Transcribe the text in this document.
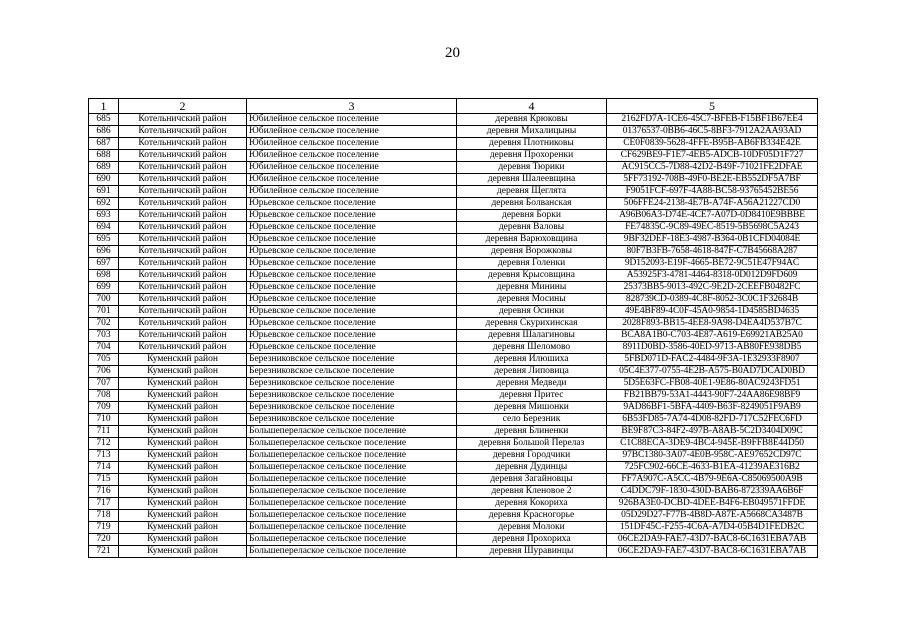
20
1	2	3	4	5
685	Котельничский район	Юбилейное сельское поселение	деревня Крюковы	2162FD7A-1CE6-45C7-BFEB-F15BF1B67EE4
686	Котельничский район	Юбилейное сельское поселение	деревня Михалицыны	01376537-0BB6-46C5-8BF3-7912A2AA93AD
687	Котельничский район	Юбилейное сельское поселение	деревня Плотниковы	CE0F0839-5628-4FFE-B95B-AB6FB334E42E
688	Котельничский район	Юбилейное сельское поселение	деревня Прохоренки	CF629BE9-F1E7-4EB5-ADCB-10DF05D1F727
689	Котельничский район	Юбилейное сельское поселение	деревня Тюрики	AC915CC5-7D88-42D2-B49F-71021FE2DFAE
690	Котельничский район	Юбилейное сельское поселение	деревня Шалеевщина	5FF73192-708B-49F0-BE2E-EB552DF5A7BF
691	Котельничский район	Юбилейное сельское поселение	деревня Щеглята	F9051FCF-697F-4A88-BC58-93765452BE56
692	Котельничский район	Юрьевское сельское поселение	деревня Болванская	506FFE24-2138-4E7B-A74F-A56A21227CD0
693	Котельничский район	Юрьевское сельское поселение	деревня Борки	A96B06A3-D74E-4CE7-A07D-0D8410E9BBBE
694	Котельничский район	Юрьевское сельское поселение	деревня Валовы	FE74835C-9C89-49EC-8519-5B5698C5A243
695	Котельничский район	Юрьевское сельское поселение	деревня Варюховщина	9BF32DEF-18E3-4987-B364-0B1CFD04084E
696	Котельничский район	Юрьевское сельское поселение	деревня Ворожковы	80F7B3FB-7658-4618-847F-C7B45668A287
697	Котельничский район	Юрьевское сельское поселение	деревня Голенки	9D152093-E19F-4665-BE72-9C51E47F94AC
698	Котельничский район	Юрьевское сельское поселение	деревня Крысовщина	A53925F3-4781-4464-8318-0D012D9FD609
699	Котельничский район	Юрьевское сельское поселение	деревня Минины	25373BB5-9013-492C-9E2D-2CEEFB0482FC
700	Котельничский район	Юрьевское сельское поселение	деревня Мосины	828739CD-0389-4C8F-8052-3C0C1F32684B
701	Котельничский район	Юрьевское сельское поселение	деревня Осинки	49E4BF89-4C0F-45A0-9854-1D4585BD4635
702	Котельничский район	Юрьевское сельское поселение	деревня Скурихинская	2028F893-BB15-4EE8-9A98-D4EA4D537B7C
703	Котельничский район	Юрьевское сельское поселение	деревня Шалагиновы	BCA8A1B0-C703-4E87-A619-E69921AB25A0
704	Котельничский район	Юрьевское сельское поселение	деревня Шеломово	8911D0BD-3586-40ED-9713-AB80FE938DB5
705	Куменский район	Березниковское сельское поселение	деревня Илюшиха	5FBD071D-FAC2-4484-9F3A-1E32933F8907
706	Куменский район	Березниковское сельское поселение	деревня Липовица	05C4E377-0755-4E2B-A575-B0AD7DCAD0BD
707	Куменский район	Березниковское сельское поселение	деревня Медведи	5D5E63FC-FB08-40E1-9E86-80AC9243FD51
708	Куменский район	Березниковское сельское поселение	деревня Притес	FB21BB79-53A1-4443-90F7-24AA86E98BF9
709	Куменский район	Березниковское сельское поселение	деревня Мишонки	9AD86BF1-5BFA-4409-B63F-8249051F9AB9
710	Куменский район	Березниковское сельское поселение	село Березник	6B53FD85-7A74-4D08-82FD-717C52FEC6FD
711	Куменский район	Большеперелаское сельское поселение	деревня Блиненки	BE9F87C3-84F2-497B-A8AB-5C2D3404D09C
712	Куменский район	Большеперелаское сельское поселение	деревня Большой Перелаз	C1C88ECA-3DE9-4BC4-945E-B9FFB8E44D50
713	Куменский район	Большеперелаское сельское поселение	деревня Городчики	97BC1380-3A07-4E0B-958C-AE97652CD97C
714	Куменский район	Большеперелаское сельское поселение	деревня Дудинцы	725FC902-66CE-4633-B1EA-41239AE316B2
715	Куменский район	Большеперелаское сельское поселение	деревня Загайновцы	FF7A907C-A5CC-4B79-9E6A-C85069500A9B
716	Куменский район	Большеперелаское сельское поселение	деревня Кленовое 2	C4DDC79F-1830-430D-BAB6-872339AA6B6F
717	Куменский район	Большеперелаское сельское поселение	деревня Кокориха	926BA3E0-DCBD-4DEE-B4F6-EB049571FFDE
718	Куменский район	Большеперелаское сельское поселение	деревня Красногорье	05D29D27-F77B-4B8D-A87E-A5668CA3487B
719	Куменский район	Большеперелаское сельское поселение	деревня Молоки	151DF45C-F255-4C6A-A7D4-05B4D1FEDB2C
720	Куменский район	Большеперелаское сельское поселение	деревня Прохориха	06CE2DA9-FAE7-43D7-BAC8-6C1631EBA7AB
721	Куменский район	Большеперелаское сельское поселение	деревня Шуравинцы	06CE2DA9-FAE7-43D7-BAC8-6C1631EBA7AB
